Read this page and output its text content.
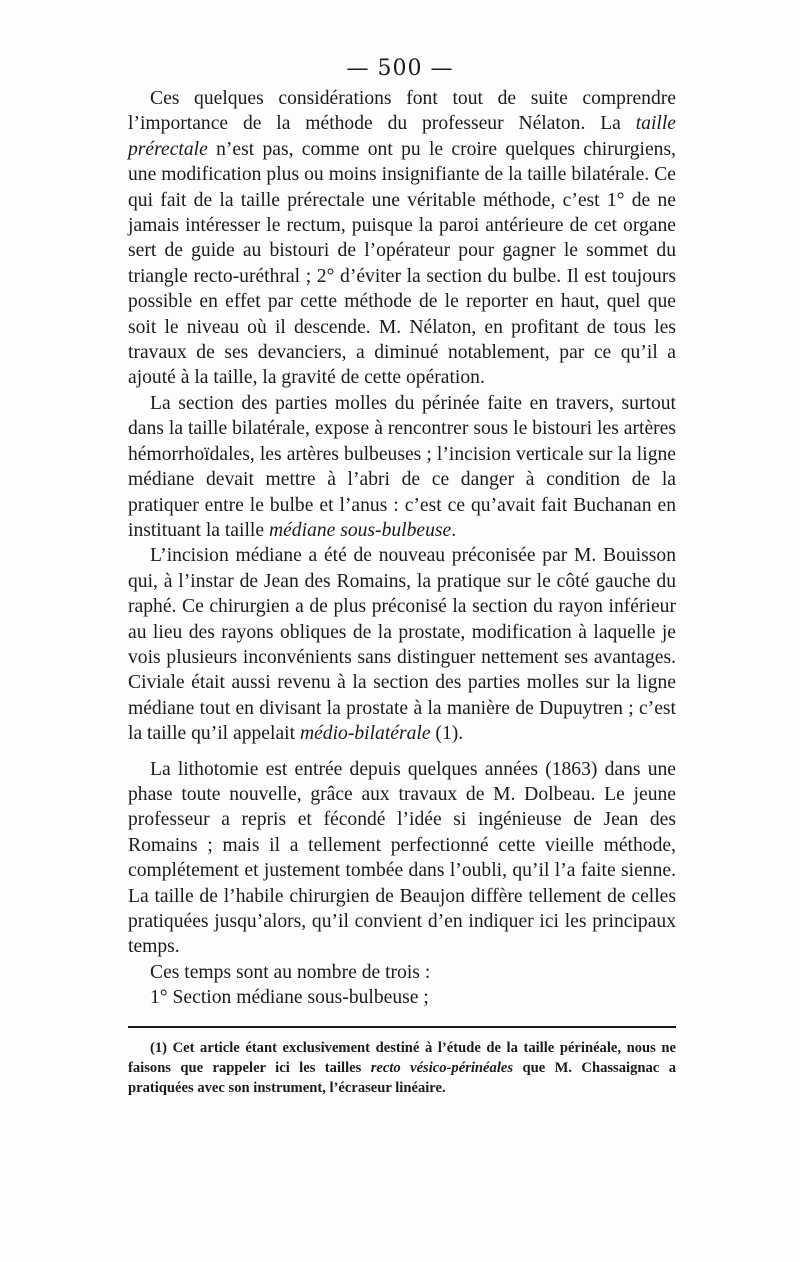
— 500 —

Ces quelques considérations font tout de suite comprendre l’importance de la méthode du professeur Nélaton. La taille prérectale n’est pas, comme ont pu le croire quelques chirurgiens, une modification plus ou moins insignifiante de la taille bilatérale. Ce qui fait de la taille prérectale une véritable méthode, c’est 1° de ne jamais intéresser le rectum, puisque la paroi antérieure de cet organe sert de guide au bistouri de l’opérateur pour gagner le sommet du triangle recto-uréthral ; 2° d’éviter la section du bulbe. Il est toujours possible en effet par cette méthode de le reporter en haut, quel que soit le niveau où il descende. M. Nélaton, en profitant de tous les travaux de ses devanciers, a diminué notablement, par ce qu’il a ajouté à la taille, la gravité de cette opération.

La section des parties molles du périnée faite en travers, surtout dans la taille bilatérale, expose à rencontrer sous le bistouri les artères hémorrhoïdales, les artères bulbeuses ; l’incision verticale sur la ligne médiane devait mettre à l’abri de ce danger à condition de la pratiquer entre le bulbe et l’anus : c’est ce qu’avait fait Buchanan en instituant la taille médiane sous-bulbeuse.

L’incision médiane a été de nouveau préconisée par M. Bouisson qui, à l’instar de Jean des Romains, la pratique sur le côté gauche du raphé. Ce chirurgien a de plus préconisé la section du rayon inférieur au lieu des rayons obliques de la prostate, modification à laquelle je vois plusieurs inconvénients sans distinguer nettement ses avantages. Civiale était aussi revenu à la section des parties molles sur la ligne médiane tout en divisant la prostate à la manière de Dupuytren ; c’est la taille qu’il appelait médio-bilatérale (1).

La lithotomie est entrée depuis quelques années (1863) dans une phase toute nouvelle, grâce aux travaux de M. Dolbeau. Le jeune professeur a repris et fécondé l’idée si ingénieuse de Jean des Romains ; mais il a tellement perfectionné cette vieille méthode, complétement et justement tombée dans l’oubli, qu’il l’a faite sienne. La taille de l’habile chirurgien de Beaujon diffère tellement de celles pratiquées jusqu’alors, qu’il convient d’en indiquer ici les principaux temps.

Ces temps sont au nombre de trois :

1° Section médiane sous-bulbeuse ;

(1) Cet article étant exclusivement destiné à l’étude de la taille périnéale, nous ne faisons que rappeler ici les tailles recto vésico-périnéales que M. Chassaignac a pratiquées avec son instrument, l’écraseur linéaire.
